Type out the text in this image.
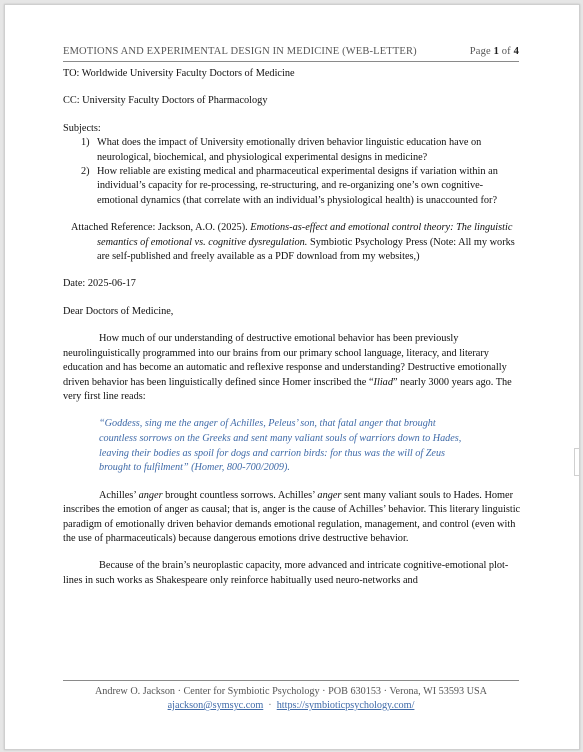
EMOTIONS AND EXPERIMENTAL DESIGN IN MEDICINE (WEB-LETTER)	Page 1 of 4

TO: Worldwide University Faculty Doctors of Medicine

CC: University Faculty Doctors of Pharmacology

Subjects:

1) What does the impact of University emotionally driven behavior linguistic education have on neurological, biochemical, and physiological experimental designs in medicine?
2) How reliable are existing medical and pharmaceutical experimental designs if variation within an individual’s capacity for re-processing, re-structuring, and re-organizing one’s own cognitive-emotional dynamics (that correlate with an individual’s physiological health) is unaccounted for?

Attached Reference: Jackson, A.O. (2025). Emotions-as-effect and emotional control theory: The linguistic semantics of emotional vs. cognitive dysregulation. Symbiotic Psychology Press (Note: All my works are self-published and freely available as a PDF download from my websites,)

Date: 2025-06-17

Dear Doctors of Medicine,

How much of our understanding of destructive emotional behavior has been previously neurolinguistically programmed into our brains from our primary school language, literacy, and literary education and has become an automatic and reflexive response and understanding? Destructive emotionally driven behavior has been linguistically defined since Homer inscribed the “Iliad” nearly 3000 years ago. The very first line reads:

“Goddess, sing me the anger of Achilles, Peleus’ son, that fatal anger that brought countless sorrows on the Greeks and sent many valiant souls of warriors down to Hades, leaving their bodies as spoil for dogs and carrion birds: for thus was the will of Zeus brought to fulfilment” (Homer, 800-700/2009).

Achilles’ anger brought countless sorrows. Achilles’ anger sent many valiant souls to Hades. Homer inscribes the emotion of anger as causal; that is, anger is the cause of Achilles’ behavior. This literary linguistic paradigm of emotionally driven behavior demands emotional regulation, management, and control (even with the use of pharmaceuticals) because dangerous emotions drive destructive behavior.

Because of the brain’s neuroplastic capacity, more advanced and intricate cognitive-emotional plot-lines in such works as Shakespeare only reinforce habitually used neuro-networks and

Andrew O. Jackson · Center for Symbiotic Psychology · POB 630153 · Verona, WI 53593 USA
ajackson@symsyc.com · https://symbioticpsychology.com/
